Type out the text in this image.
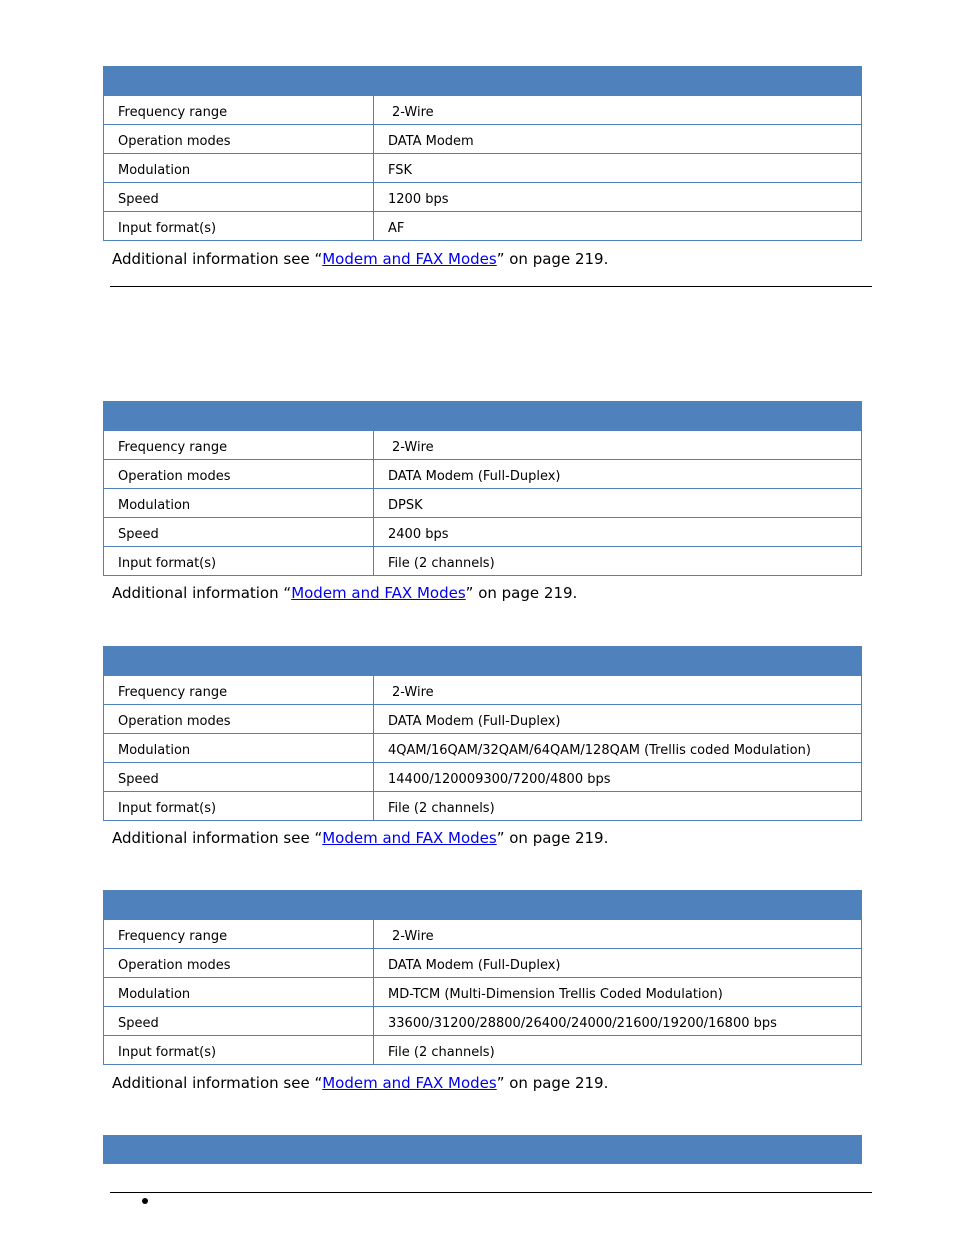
Frequency range	2-Wire
Operation modes	DATA Modem
Modulation	FSK
Speed	1200 bps
Input format(s)	AF
Additional information see “Modem and FAX Modes” on page 219.
Frequency range	2-Wire
Operation modes	DATA Modem (Full-Duplex)
Modulation	DPSK
Speed	2400 bps
Input format(s)	File (2 channels)
Additional information “Modem and FAX Modes” on page 219.
Frequency range	2-Wire
Operation modes	DATA Modem (Full-Duplex)
Modulation	4QAM/16QAM/32QAM/64QAM/128QAM (Trellis coded Modulation)
Speed	14400/120009300/7200/4800 bps
Input format(s)	File (2 channels)
Additional information see “Modem and FAX Modes” on page 219.
Frequency range	2-Wire
Operation modes	DATA Modem (Full-Duplex)
Modulation	MD-TCM (Multi-Dimension Trellis Coded Modulation)
Speed	33600/31200/28800/26400/24000/21600/19200/16800 bps
Input format(s)	File (2 channels)
Additional information see “Modem and FAX Modes” on page 219.
